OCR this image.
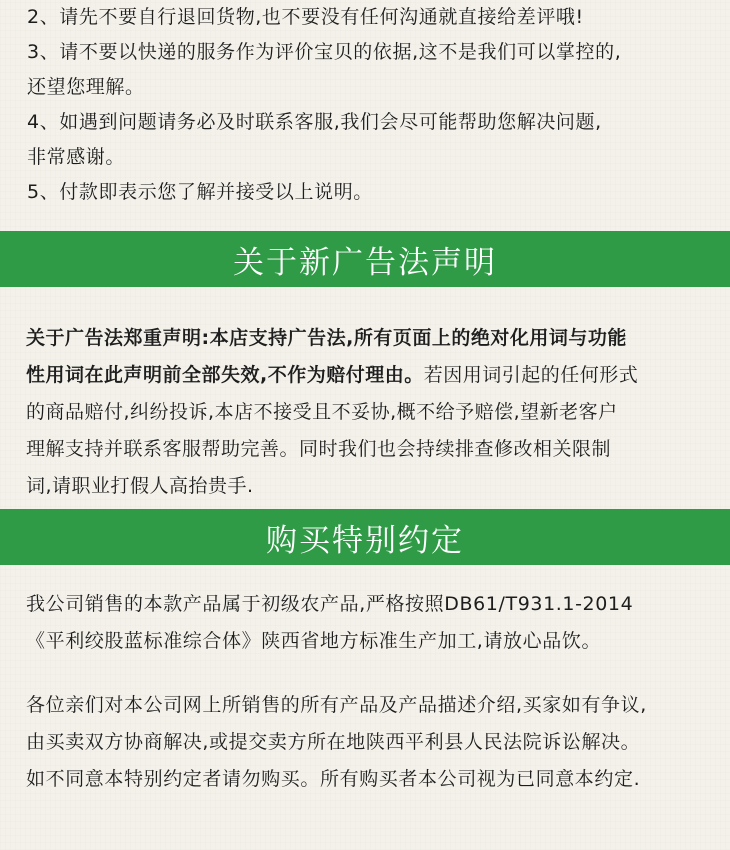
2、请先不要自行退回货物,也不要没有任何沟通就直接给差评哦!
3、请不要以快递的服务作为评价宝贝的依据,这不是我们可以掌控的,
还望您理解。
4、如遇到问题请务必及时联系客服,我们会尽可能帮助您解决问题,
非常感谢。
5、付款即表示您了解并接受以上说明。
关于新广告法声明
关于广告法郑重声明:本店支持广告法,所有页面上的绝对化用词与功能
性用词在此声明前全部失效,不作为赔付理由。若因用词引起的任何形式
的商品赔付,纠纷投诉,本店不接受且不妥协,概不给予赔偿,望新老客户
理解支持并联系客服帮助完善。同时我们也会持续排查修改相关限制
词,请职业打假人高抬贵手.
购买特别约定
我公司销售的本款产品属于初级农产品,严格按照DB61/T931.1-2014
《平利绞股蓝标准综合体》陕西省地方标准生产加工,请放心品饮。
各位亲们对本公司网上所销售的所有产品及产品描述介绍,买家如有争议,
由买卖双方协商解决,或提交卖方所在地陕西平利县人民法院诉讼解决。
如不同意本特别约定者请勿购买。所有购买者本公司视为已同意本约定.
